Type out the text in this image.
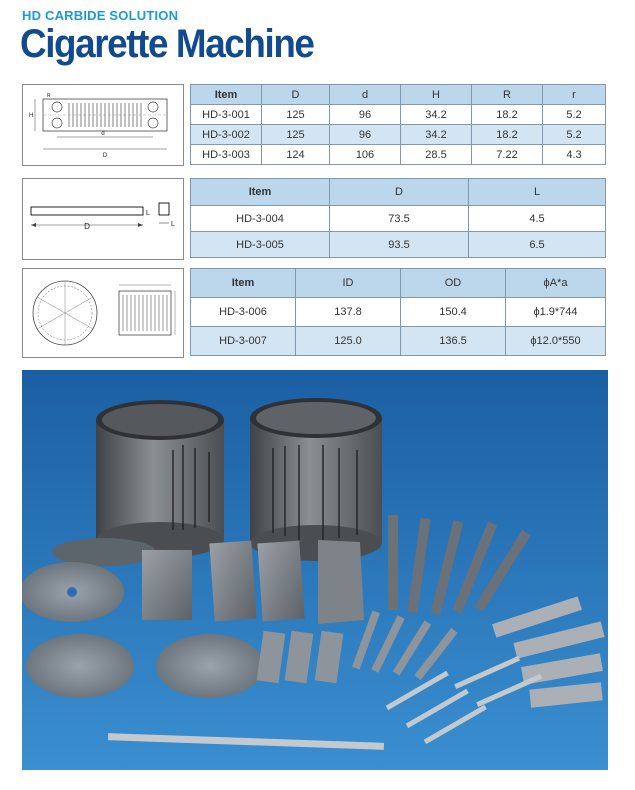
HD CARBIDE SOLUTION
Cigarette Machine
d
D
R
H
Item	D	d	H	R	r
HD-3-001	125	96	34.2	18.2	5.2
HD-3-002	125	96	34.2	18.2	5.2
HD-3-003	124	106	28.5	7.22	4.3
D
L
L
Item	D	L
HD-3-004	73.5	4.5
HD-3-005	93.5	6.5
Item	ID	OD	ϕA*a
HD-3-006	137.8	150.4	ϕ1.9*744
HD-3-007	125.0	136.5	ϕ12.0*550
